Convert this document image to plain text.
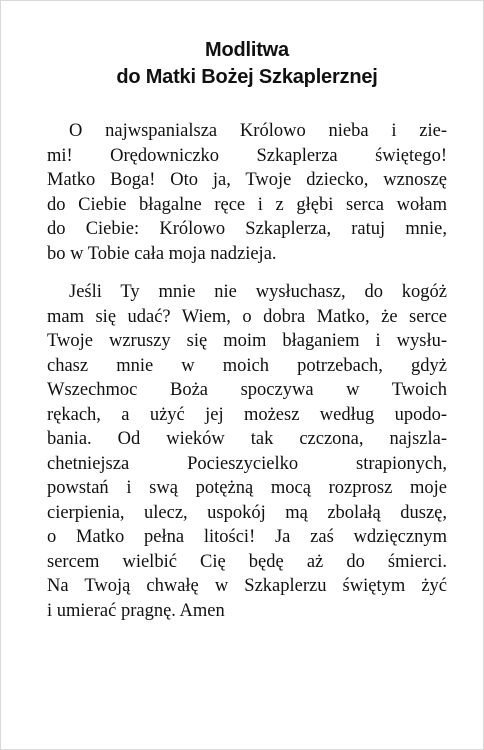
Modlitwa
do Matki Bożej Szkaplerznej

O najwspanialsza Królowo nieba i zie-
mi! Orędowniczko Szkaplerza świętego!
Matko Boga! Oto ja, Twoje dziecko, wznoszę
do Ciebie błagalne ręce i z głębi serca wołam
do Ciebie: Królowo Szkaplerza, ratuj mnie,
bo w Tobie cała moja nadzieja.

Jeśli Ty mnie nie wysłuchasz, do kogóż
mam się udać? Wiem, o dobra Matko, że serce
Twoje wzruszy się moim błaganiem i wysłu-
chasz mnie w moich potrzebach, gdyż
Wszechmoc Boża spoczywa w Twoich
rękach, a użyć jej możesz według upodo-
bania. Od wieków tak czczona, najszla-
chetniejsza Pocieszycielko strapionych,
powstań i swą potężną mocą rozprosz moje
cierpienia, ulecz, uspokój mą zbolałą duszę,
o Matko pełna litości! Ja zaś wdzięcznym
sercem wielbić Cię będę aż do śmierci.
Na Twoją chwałę w Szkaplerzu świętym żyć
i umierać pragnę. Amen
